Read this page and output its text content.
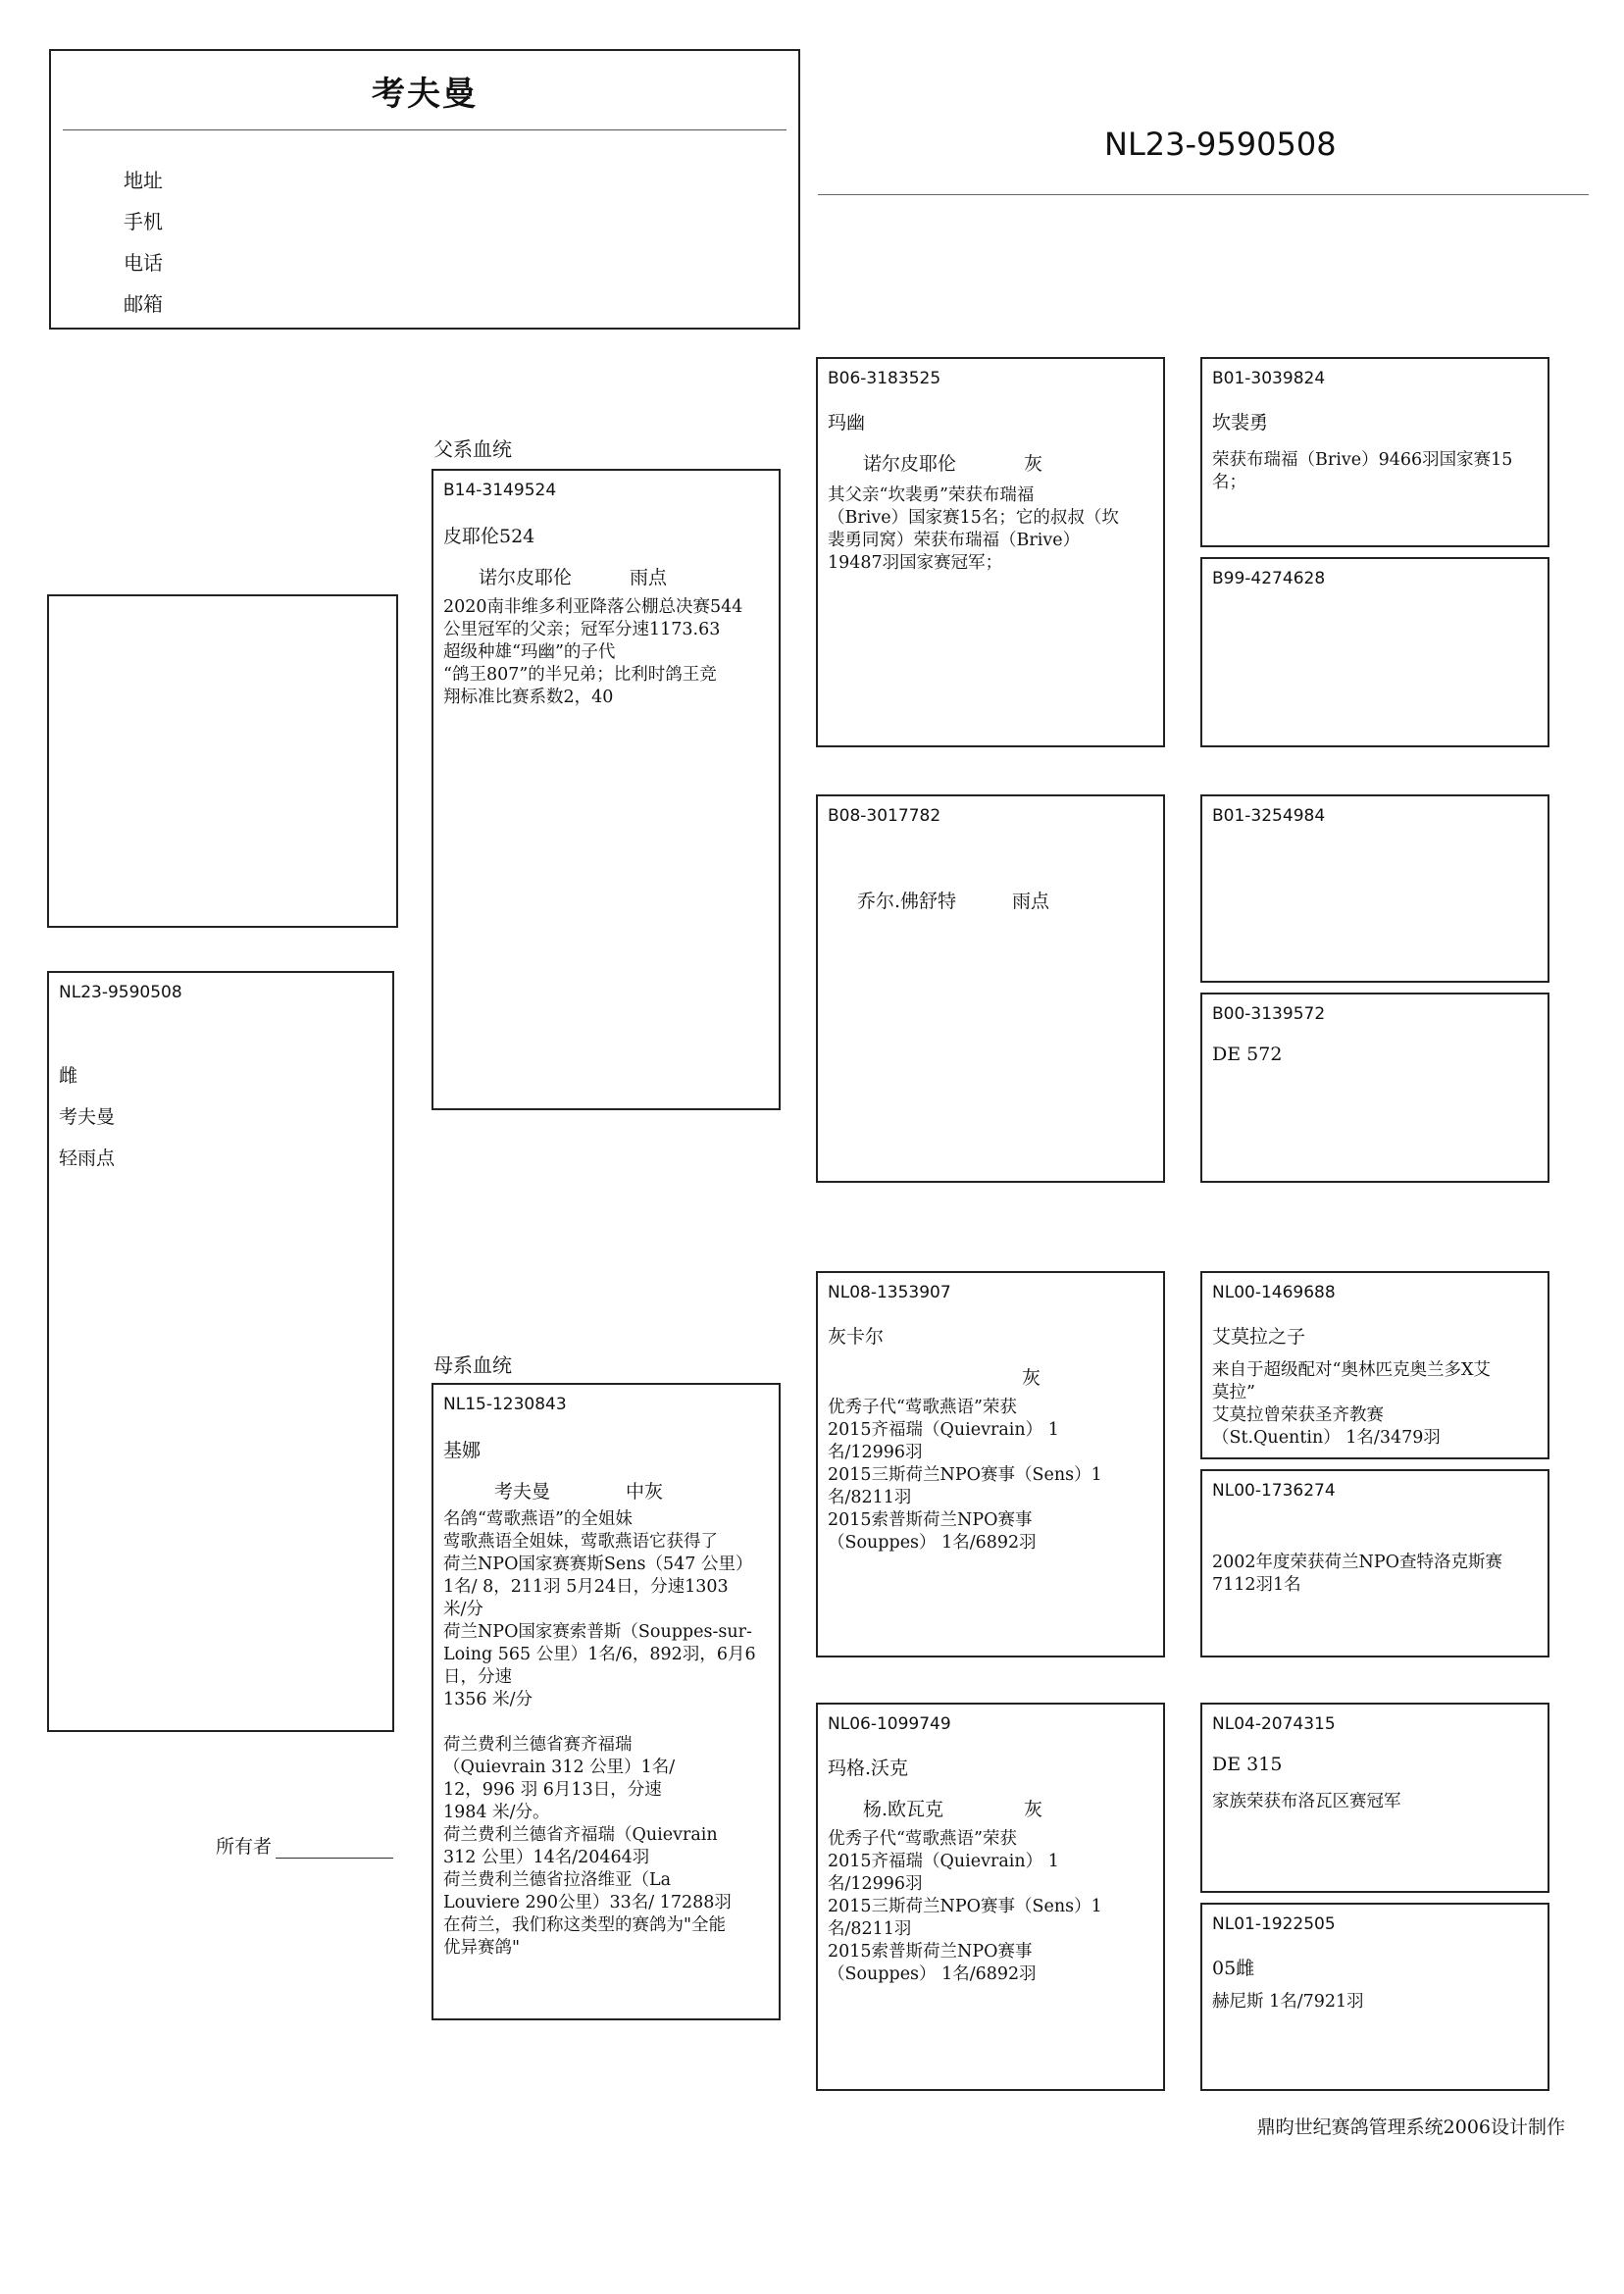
考夫曼
地址
手机
电话
邮箱
NL23-9590508
NL23-9590508
雌
考夫曼
轻雨点
所有者
父系血统
母系血统
B14-3149524
皮耶伦524
诺尔皮耶伦	雨点
2020南非维多利亚降落公棚总决赛544
公里冠军的父亲；冠军分速1173.63
超级种雄“玛幽”的子代
“鸽王807”的半兄弟；比利时鸽王竞
翔标准比赛系数2，40
NL15-1230843
基娜
考夫曼	中灰
名鸽“莺歌燕语”的全姐妹
莺歌燕语全姐妹，莺歌燕语它获得了
荷兰NPO国家赛赛斯Sens（547 公里）
1名/ 8，211羽 5月24日，分速1303
米/分
荷兰NPO国家赛索普斯（Souppes-sur-
Loing 565 公里）1名/6，892羽，6月6
日，分速
1356 米/分

荷兰费利兰德省赛齐福瑞
（Quievrain 312 公里）1名/
12，996 羽 6月13日，分速
1984 米/分。
荷兰费利兰德省齐福瑞（Quievrain
312 公里）14名/20464羽
荷兰费利兰德省拉洛维亚（La
Louviere 290公里）33名/ 17288羽
在荷兰，我们称这类型的赛鸽为"全能
优异赛鸽"
B06-3183525
玛幽
诺尔皮耶伦	灰
其父亲“坎裴勇”荣获布瑞福
（Brive）国家赛15名；它的叔叔（坎
裴勇同窝）荣获布瑞福（Brive）
19487羽国家赛冠军；
B08-3017782
乔尔.佛舒特	雨点
NL08-1353907
灰卡尔
灰
优秀子代“莺歌燕语”荣获
2015齐福瑞（Quievrain） 1
名/12996羽
2015三斯荷兰NPO赛事（Sens）1
名/8211羽
2015索普斯荷兰NPO赛事
（Souppes） 1名/6892羽
NL06-1099749
玛格.沃克
杨.欧瓦克	灰
优秀子代“莺歌燕语”荣获
2015齐福瑞（Quievrain） 1
名/12996羽
2015三斯荷兰NPO赛事（Sens）1
名/8211羽
2015索普斯荷兰NPO赛事
（Souppes） 1名/6892羽
B01-3039824
坎裴勇
荣获布瑞福（Brive）9466羽国家赛15
名；
B99-4274628
B01-3254984
B00-3139572
DE 572
NL00-1469688
艾莫拉之子
来自于超级配对“奥林匹克奥兰多X艾
莫拉”
艾莫拉曾荣获圣齐教赛
（St.Quentin） 1名/3479羽
NL00-1736274
2002年度荣获荷兰NPO查特洛克斯赛
7112羽1名
NL04-2074315
DE 315
家族荣获布洛瓦区赛冠军
NL01-1922505
05雌
赫尼斯 1名/7921羽
鼎昀世纪赛鸽管理系统2006设计制作
